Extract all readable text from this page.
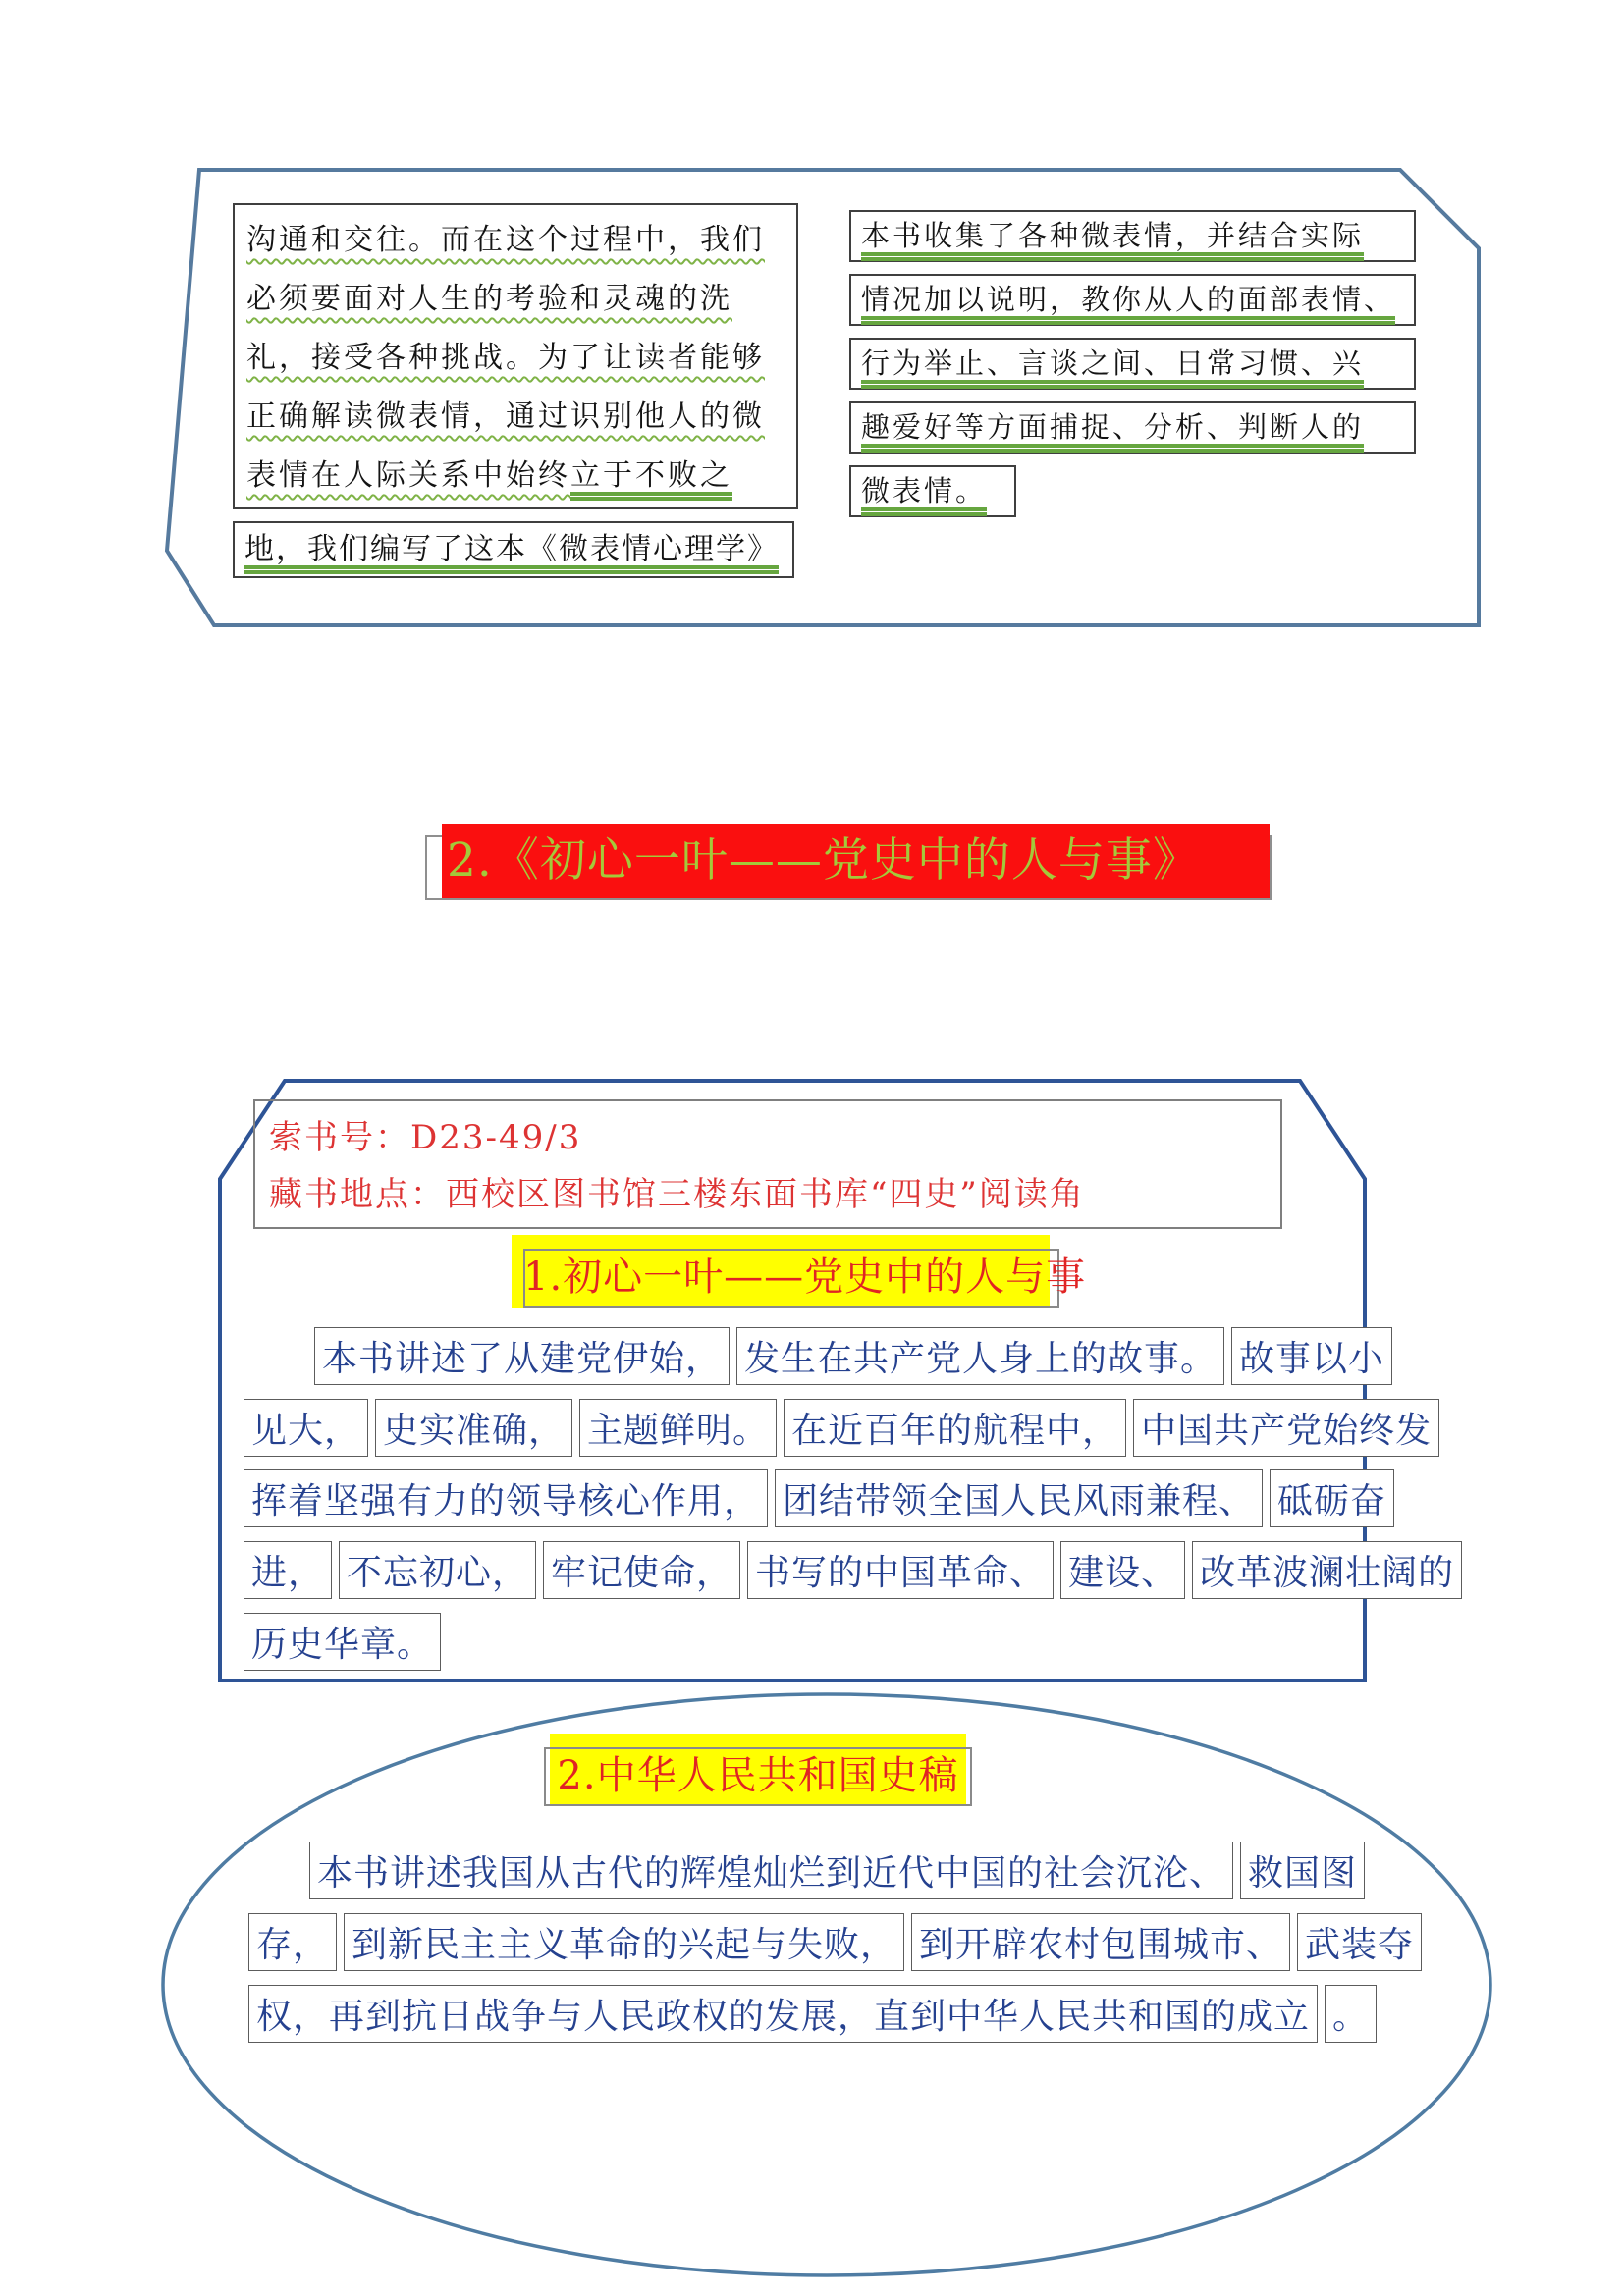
沟通和交往。而在这个过程中，我们
必须要面对人生的考验和灵魂的洗
礼，接受各种挑战。为了让读者能够
正确解读微表情，通过识别他人的微
表情在人际关系中始终立于不败之
地，我们编写了这本《微表情心理学》
本书收集了各种微表情，并结合实际
情况加以说明，教你从人的面部表情、
行为举止、言谈之间、日常习惯、兴
趣爱好等方面捕捉、分析、判断人的
微表情。
2.《初心一叶——党史中的人与事》
索书号：D23-49/3
藏书地点：西校区图书馆三楼东面书库“四史”阅读角
1.初心一叶——党史中的人与事
本书讲述了从建党伊始， 发生在共产党人身上的故事。 故事以小
见大， 史实准确， 主题鲜明。 在近百年的航程中， 中国共产党始终发
挥着坚强有力的领导核心作用， 团结带领全国人民风雨兼程、 砥砺奋
进， 不忘初心， 牢记使命， 书写的中国革命、 建设、 改革波澜壮阔的
历史华章。
2.中华人民共和国史稿
本书讲述我国从古代的辉煌灿烂到近代中国的社会沉沦、 救国图
存， 到新民主主义革命的兴起与失败， 到开辟农村包围城市、 武装夺
权，再到抗日战争与人民政权的发展，直到中华人民共和国的成立 。
